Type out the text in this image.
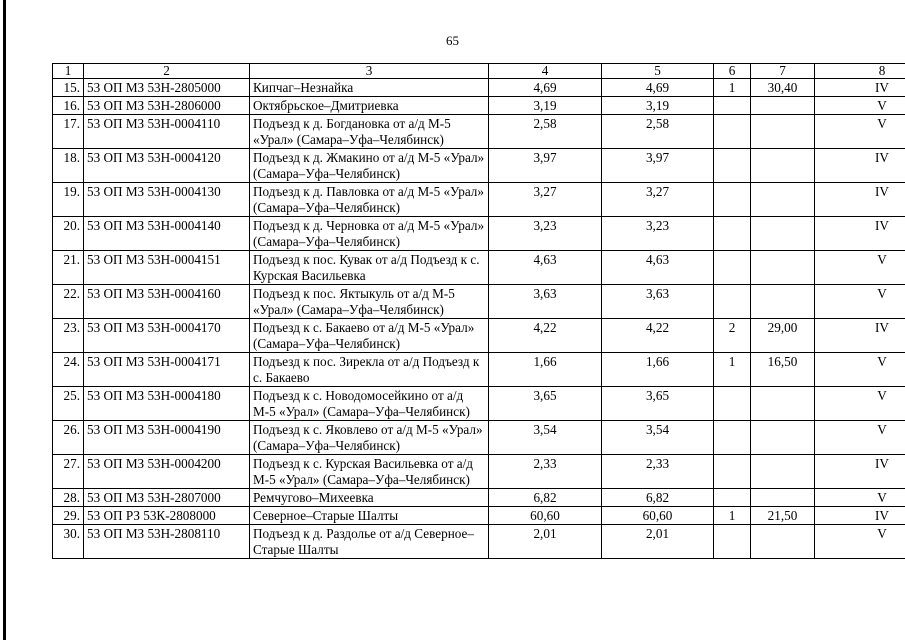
65
1	2	3	4	5	6	7	8
15.	53 ОП МЗ 53Н-2805000	Кипчаг–Незнайка	4,69	4,69	1	30,40	IV
16.	53 ОП МЗ 53Н-2806000	Октябрьское–Дмитриевка	3,19	3,19			V
17.	53 ОП МЗ 53Н-0004110	Подъезд к д. Богдановка от а/д М-5 «Урал» (Самара–Уфа–Челябинск)	2,58	2,58			V
18.	53 ОП МЗ 53Н-0004120	Подъезд к д. Жмакино от а/д М-5 «Урал» (Самара–Уфа–Челябинск)	3,97	3,97			IV
19.	53 ОП МЗ 53Н-0004130	Подъезд к д. Павловка от а/д М-5 «Урал» (Самара–Уфа–Челябинск)	3,27	3,27			IV
20.	53 ОП МЗ 53Н-0004140	Подъезд к д. Черновка от а/д М-5 «Урал» (Самара–Уфа–Челябинск)	3,23	3,23			IV
21.	53 ОП МЗ 53Н-0004151	Подъезд к пос. Кувак от а/д Подъезд к с. Курская Васильевка	4,63	4,63			V
22.	53 ОП МЗ 53Н-0004160	Подъезд к пос. Яктыкуль от а/д М-5 «Урал» (Самара–Уфа–Челябинск)	3,63	3,63			V
23.	53 ОП МЗ 53Н-0004170	Подъезд к с. Бакаево от а/д М-5 «Урал» (Самара–Уфа–Челябинск)	4,22	4,22	2	29,00	IV
24.	53 ОП МЗ 53Н-0004171	Подъезд к пос. Зирекла от а/д Подъезд к с. Бакаево	1,66	1,66	1	16,50	V
25.	53 ОП МЗ 53Н-0004180	Подъезд к с. Новодомосейкино от а/д М-5 «Урал» (Самара–Уфа–Челябинск)	3,65	3,65			V
26.	53 ОП МЗ 53Н-0004190	Подъезд к с. Яковлево от а/д М-5 «Урал» (Самара–Уфа–Челябинск)	3,54	3,54			V
27.	53 ОП МЗ 53Н-0004200	Подъезд к с. Курская Васильевка от а/д М-5 «Урал» (Самара–Уфа–Челябинск)	2,33	2,33			IV
28.	53 ОП МЗ 53Н-2807000	Ремчугово–Михеевка	6,82	6,82			V
29.	53 ОП РЗ 53К-2808000	Северное–Старые Шалты	60,60	60,60	1	21,50	IV
30.	53 ОП МЗ 53Н-2808110	Подъезд к д. Раздолье от а/д Северное–Старые Шалты	2,01	2,01			V
